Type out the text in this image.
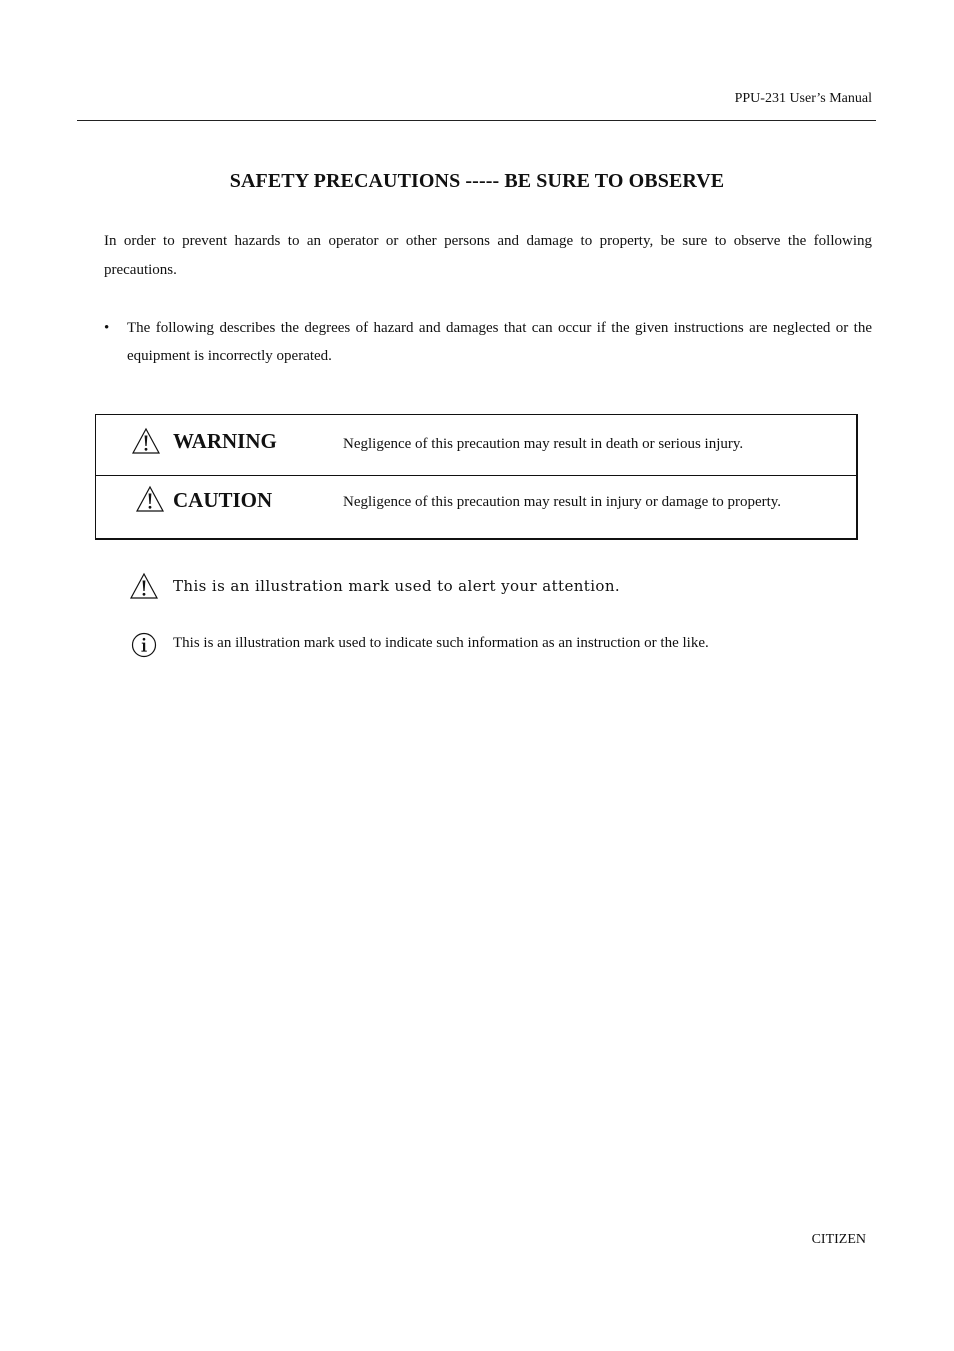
PPU-231 User’s Manual
SAFETY PRECAUTIONS ----- BE SURE TO OBSERVE

In order to prevent hazards to an operator or other persons and damage to property, be sure to observe the following precautions.

• The following describes the degrees of hazard and damages that can occur if the given instructions are neglected or the equipment is incorrectly operated.
WARNING	Negligence of this precaution may result in death or serious injury.
CAUTION	Negligence of this precaution may result in injury or damage to property.
This is an illustration mark used to alert your attention.
This is an illustration mark used to indicate such information as an instruction or the like.
CITIZEN
